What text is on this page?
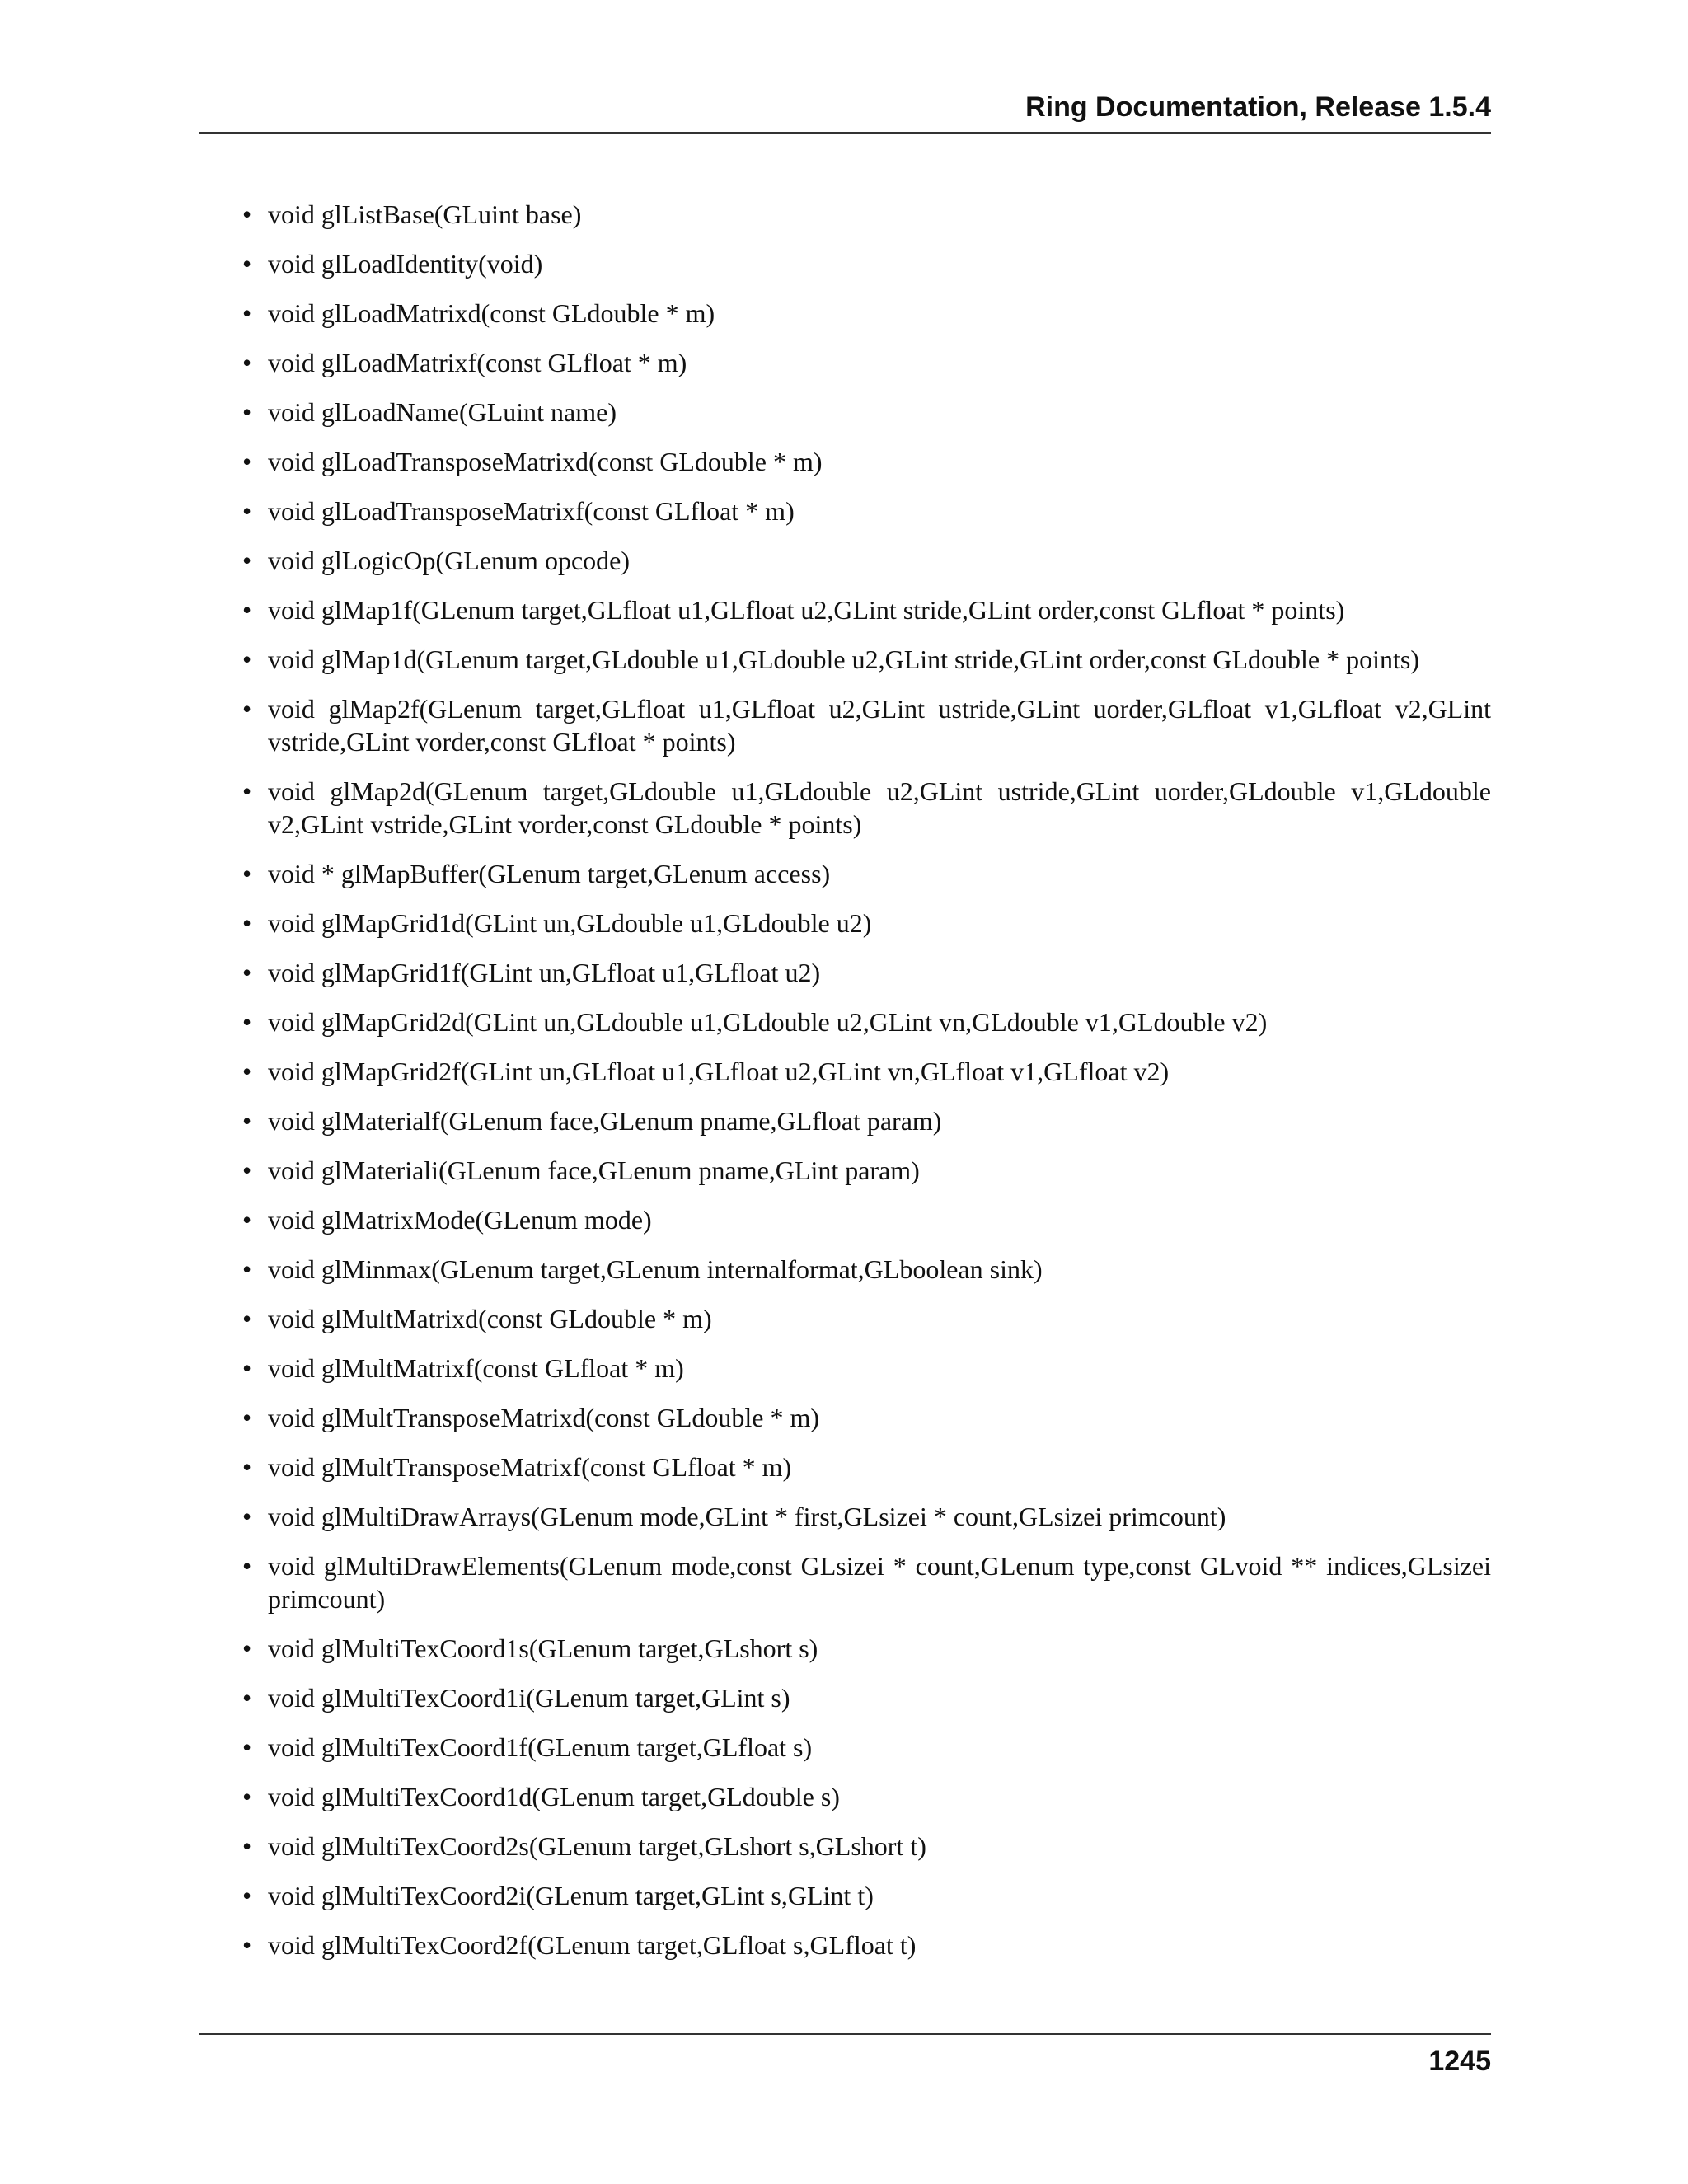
Ring Documentation, Release 1.5.4
• void glListBase(GLuint base)
• void glLoadIdentity(void)
• void glLoadMatrixd(const GLdouble * m)
• void glLoadMatrixf(const GLfloat * m)
• void glLoadName(GLuint name)
• void glLoadTransposeMatrixd(const GLdouble * m)
• void glLoadTransposeMatrixf(const GLfloat * m)
• void glLogicOp(GLenum opcode)
• void glMap1f(GLenum target,GLfloat u1,GLfloat u2,GLint stride,GLint order,const GLfloat * points)
• void glMap1d(GLenum target,GLdouble u1,GLdouble u2,GLint stride,GLint order,const GLdouble * points)
• void glMap2f(GLenum target,GLfloat u1,GLfloat u2,GLint ustride,GLint uorder,GLfloat v1,GLfloat v2,GLint vstride,GLint vorder,const GLfloat * points)
• void glMap2d(GLenum target,GLdouble u1,GLdouble u2,GLint ustride,GLint uorder,GLdouble v1,GLdouble v2,GLint vstride,GLint vorder,const GLdouble * points)
• void * glMapBuffer(GLenum target,GLenum access)
• void glMapGrid1d(GLint un,GLdouble u1,GLdouble u2)
• void glMapGrid1f(GLint un,GLfloat u1,GLfloat u2)
• void glMapGrid2d(GLint un,GLdouble u1,GLdouble u2,GLint vn,GLdouble v1,GLdouble v2)
• void glMapGrid2f(GLint un,GLfloat u1,GLfloat u2,GLint vn,GLfloat v1,GLfloat v2)
• void glMaterialf(GLenum face,GLenum pname,GLfloat param)
• void glMateriali(GLenum face,GLenum pname,GLint param)
• void glMatrixMode(GLenum mode)
• void glMinmax(GLenum target,GLenum internalformat,GLboolean sink)
• void glMultMatrixd(const GLdouble * m)
• void glMultMatrixf(const GLfloat * m)
• void glMultTransposeMatrixd(const GLdouble * m)
• void glMultTransposeMatrixf(const GLfloat * m)
• void glMultiDrawArrays(GLenum mode,GLint * first,GLsizei * count,GLsizei primcount)
• void glMultiDrawElements(GLenum mode,const GLsizei * count,GLenum type,const GLvoid ** indices,GLsizei primcount)
• void glMultiTexCoord1s(GLenum target,GLshort s)
• void glMultiTexCoord1i(GLenum target,GLint s)
• void glMultiTexCoord1f(GLenum target,GLfloat s)
• void glMultiTexCoord1d(GLenum target,GLdouble s)
• void glMultiTexCoord2s(GLenum target,GLshort s,GLshort t)
• void glMultiTexCoord2i(GLenum target,GLint s,GLint t)
• void glMultiTexCoord2f(GLenum target,GLfloat s,GLfloat t)
1245
